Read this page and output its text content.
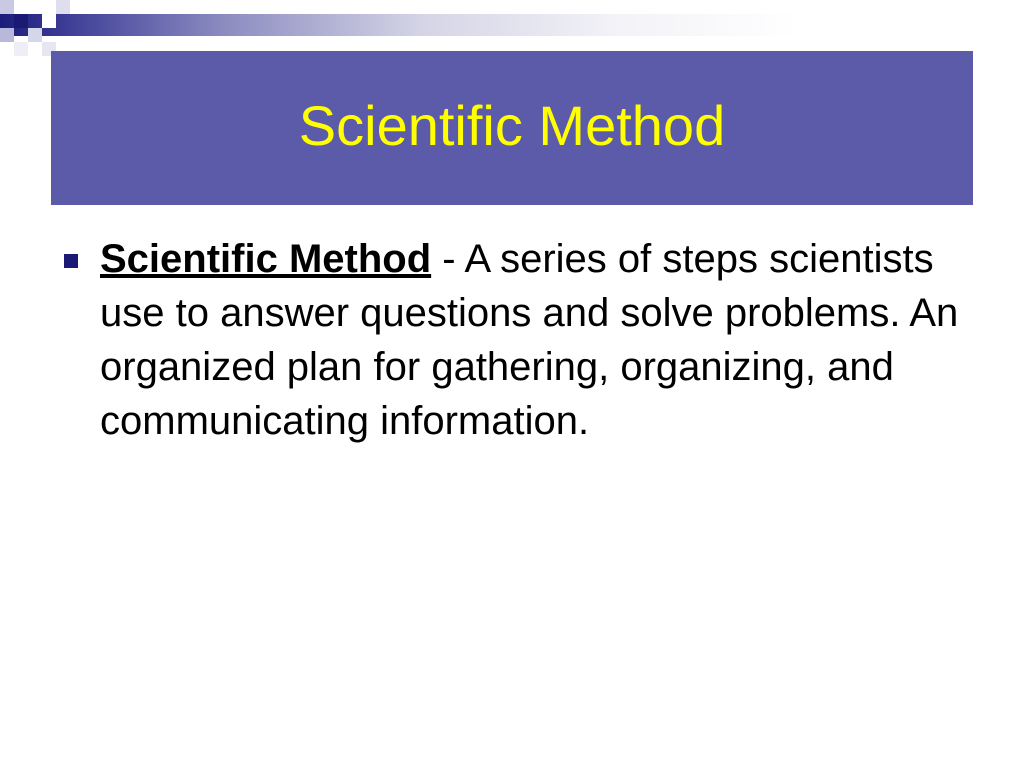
Scientific Method
Scientific Method - A series of steps scientists use to answer questions and solve problems. An organized plan for gathering, organizing, and communicating information.
